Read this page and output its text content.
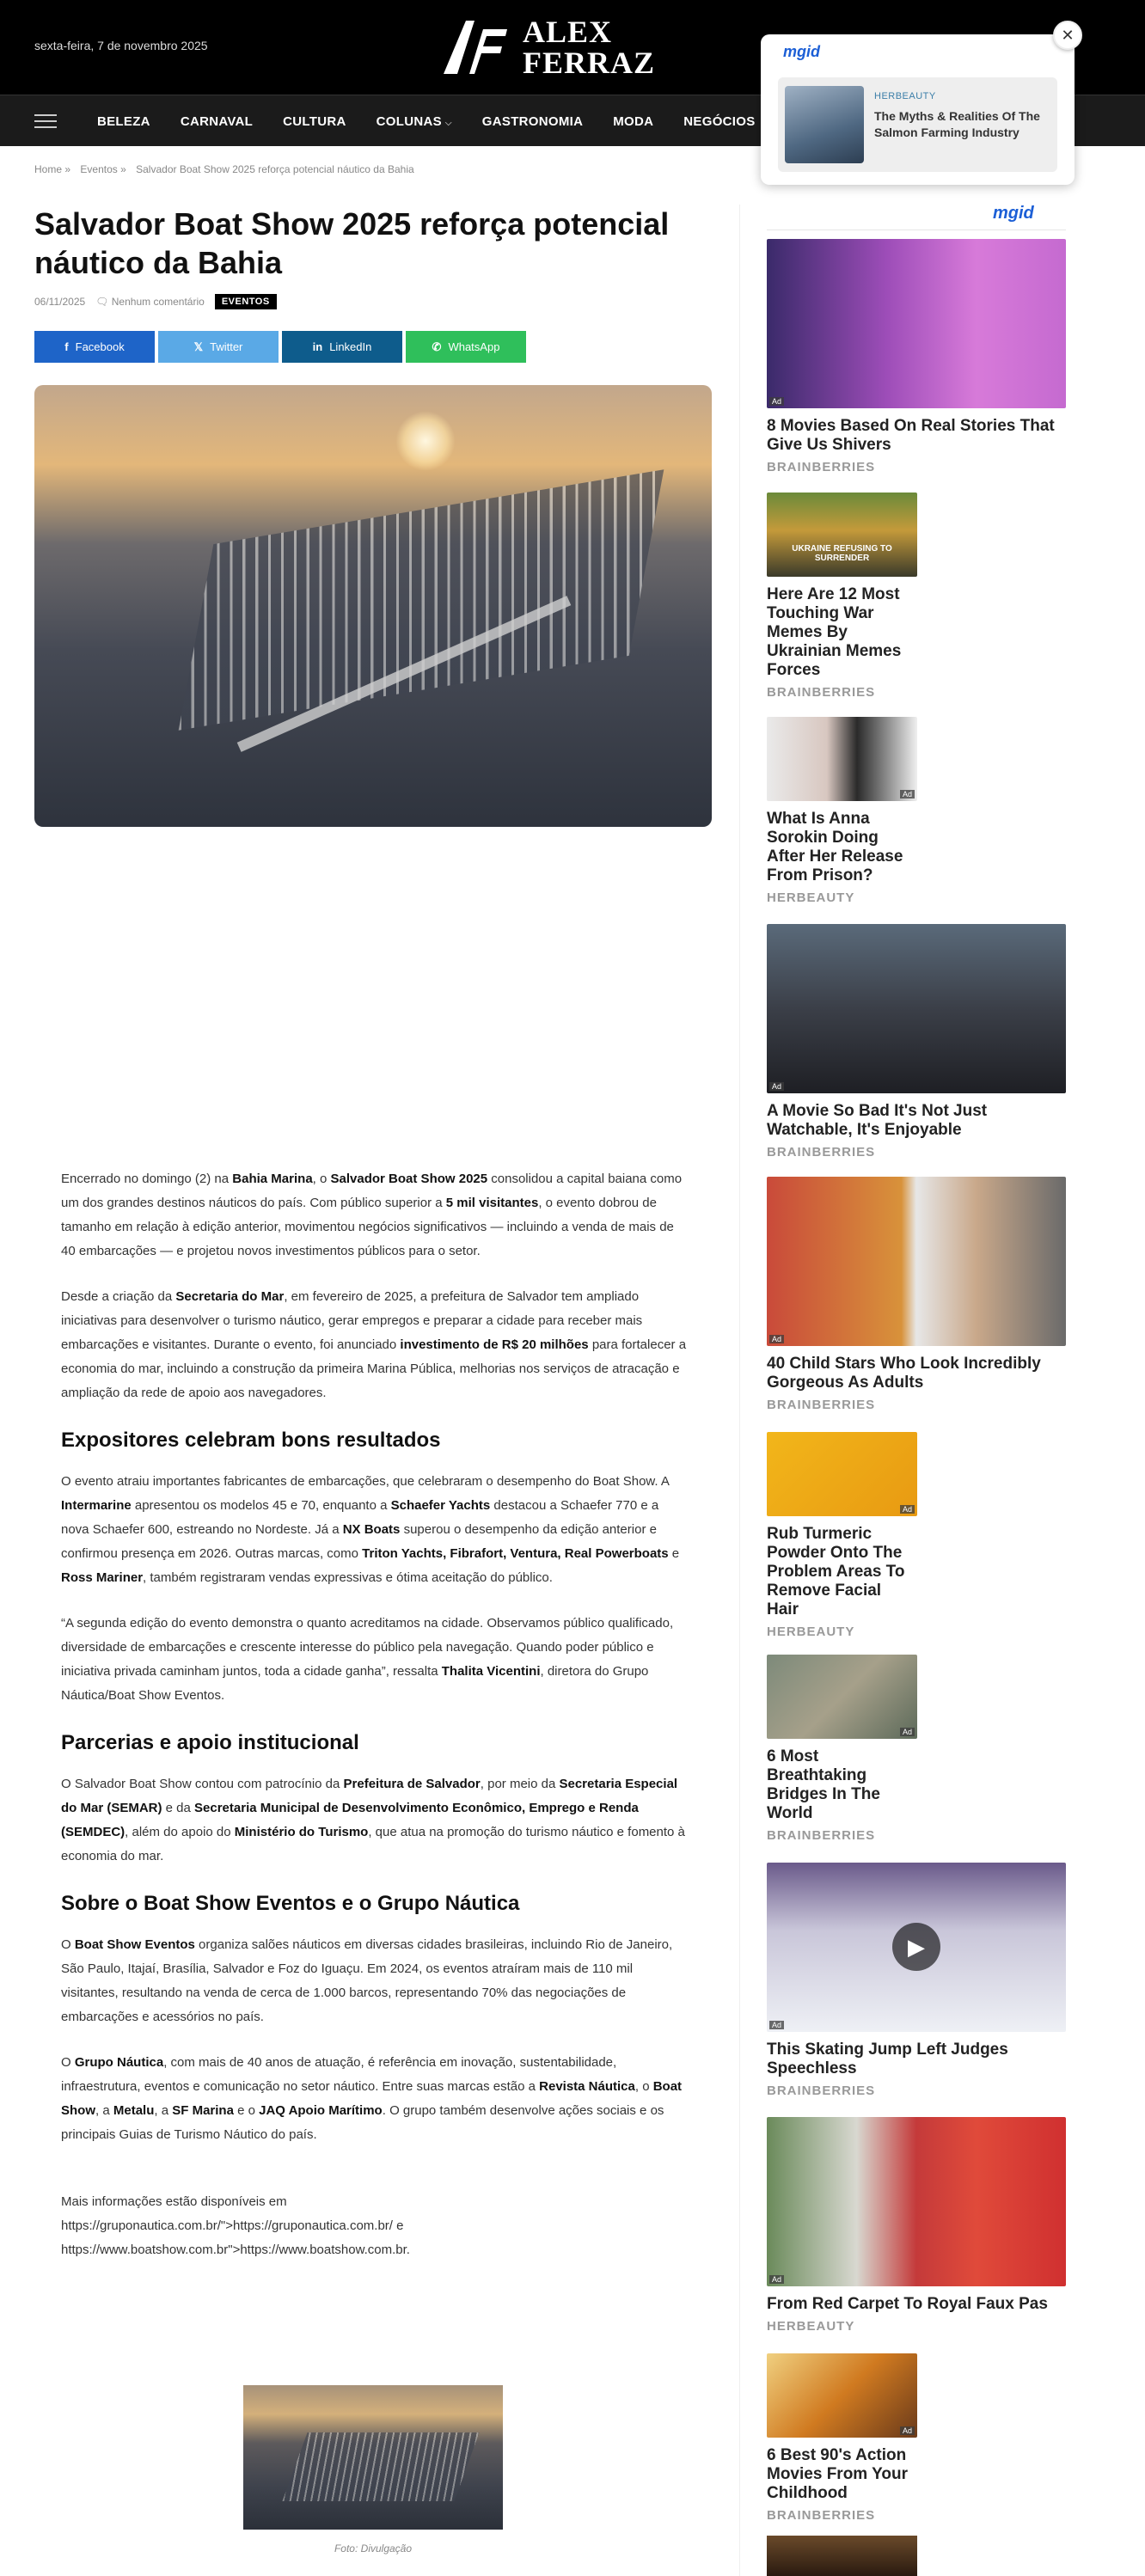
sexta-feira, 7 de novembro 2025	ALEX
FERRAZ
BELEZA	CARNAVAL	CULTURA	COLUNAS ⌵	GASTRONOMIA	MODA	NEGÓCIOS
mgid
HERBEAUTY
The Myths & Realities Of The Salmon Farming Industry
✕
Home » Eventos » Salvador Boat Show 2025 reforça potencial náutico da Bahia
Salvador Boat Show 2025 reforça potencial náutico da Bahia
06/11/2025 🗨 Nenhum comentário	EVENTOS
f Facebook	𝕏 Twitter	in LinkedIn	✆ WhatsApp

Encerrado no domingo (2) na Bahia Marina, o Salvador Boat Show 2025 consolidou a capital baiana como um dos grandes destinos náuticos do país. Com público superior a 5 mil visitantes, o evento dobrou de tamanho em relação à edição anterior, movimentou negócios significativos — incluindo a venda de mais de 40 embarcações — e projetou novos investimentos públicos para o setor.

Desde a criação da Secretaria do Mar, em fevereiro de 2025, a prefeitura de Salvador tem ampliado iniciativas para desenvolver o turismo náutico, gerar empregos e preparar a cidade para receber mais embarcações e visitantes. Durante o evento, foi anunciado investimento de R$ 20 milhões para fortalecer a economia do mar, incluindo a construção da primeira Marina Pública, melhorias nos serviços de atracação e ampliação da rede de apoio aos navegadores.

Expositores celebram bons resultados

O evento atraiu importantes fabricantes de embarcações, que celebraram o desempenho do Boat Show. A Intermarine apresentou os modelos 45 e 70, enquanto a Schaefer Yachts destacou a Schaefer 770 e a nova Schaefer 600, estreando no Nordeste. Já a NX Boats superou o desempenho da edição anterior e confirmou presença em 2026. Outras marcas, como Triton Yachts, Fibrafort, Ventura, Real Powerboats e Ross Mariner, também registraram vendas expressivas e ótima aceitação do público.

“A segunda edição do evento demonstra o quanto acreditamos na cidade. Observamos público qualificado, diversidade de embarcações e crescente interesse do público pela navegação. Quando poder público e iniciativa privada caminham juntos, toda a cidade ganha”, ressalta Thalita Vicentini, diretora do Grupo Náutica/Boat Show Eventos.

Parcerias e apoio institucional

O Salvador Boat Show contou com patrocínio da Prefeitura de Salvador, por meio da Secretaria Especial do Mar (SEMAR) e da Secretaria Municipal de Desenvolvimento Econômico, Emprego e Renda (SEMDEC), além do apoio do Ministério do Turismo, que atua na promoção do turismo náutico e fomento à economia do mar.

Sobre o Boat Show Eventos e o Grupo Náutica

O Boat Show Eventos organiza salões náuticos em diversas cidades brasileiras, incluindo Rio de Janeiro, São Paulo, Itajaí, Brasília, Salvador e Foz do Iguaçu. Em 2024, os eventos atraíram mais de 110 mil visitantes, resultando na venda de cerca de 1.000 barcos, representando 70% das negociações de embarcações e acessórios no país.

O Grupo Náutica, com mais de 40 anos de atuação, é referência em inovação, sustentabilidade, infraestrutura, eventos e comunicação no setor náutico. Entre suas marcas estão a Revista Náutica, o Boat Show, a Metalu, a SF Marina e o JAQ Apoio Marítimo. O grupo também desenvolve ações sociais e os principais Guias de Turismo Náutico do país.

Mais informações estão disponíveis em
https://gruponautica.com.br/">https://gruponautica.com.br/ e
https://www.boatshow.com.br">https://www.boatshow.com.br.

Foto: Divulgação
mgid
Ad
8 Movies Based On Real Stories That Give Us Shivers
BRAINBERRIES
UKRAINE REFUSING TO SURRENDER
Here Are 12 Most Touching War Memes By Ukrainian Memes Forces
BRAINBERRIES
Ad
What Is Anna Sorokin Doing After Her Release From Prison?
HERBEAUTY
Ad
A Movie So Bad It's Not Just Watchable, It's Enjoyable
BRAINBERRIES
Ad
40 Child Stars Who Look Incredibly Gorgeous As Adults
BRAINBERRIES
Ad
Rub Turmeric Powder Onto The Problem Areas To Remove Facial Hair
HERBEAUTY
Ad
6 Most Breathtaking Bridges In The World
BRAINBERRIES
▶
Ad
This Skating Jump Left Judges Speechless
BRAINBERRIES
Ad
From Red Carpet To Royal Faux Pas
HERBEAUTY
Ad
6 Best 90's Action Movies From Your Childhood
BRAINBERRIES
